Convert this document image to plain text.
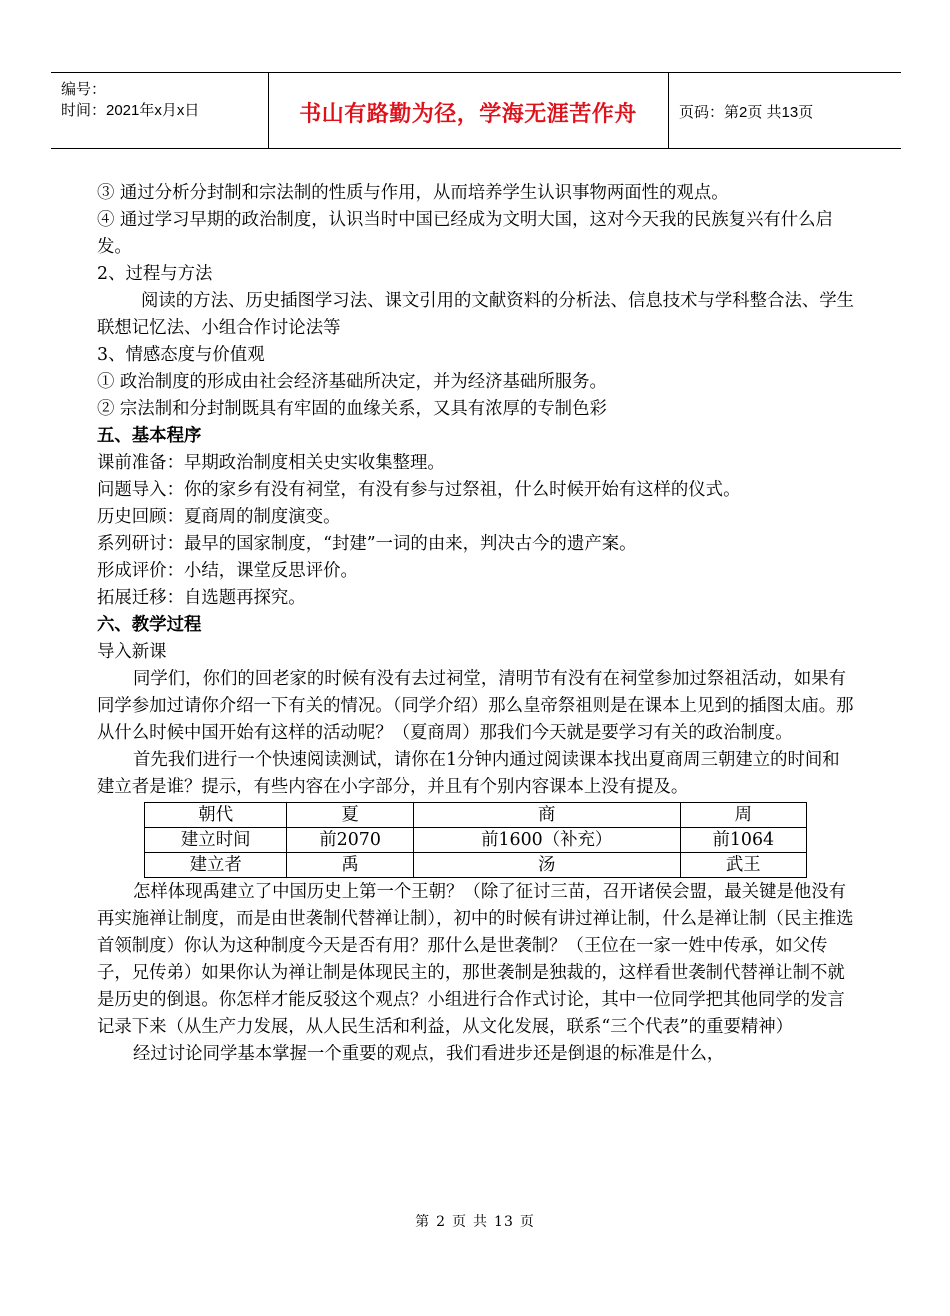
编号：
时间：2021年x月x日	书山有路勤为径，学海无涯苦作舟	页码：第2页 共13页

③ 通过分析分封制和宗法制的性质与作用，从而培养学生认识事物两面性的观点。

④ 通过学习早期的政治制度，认识当时中国已经成为文明大国，这对今天我的民族复兴有什么启发。

2、过程与方法

阅读的方法、历史插图学习法、课文引用的文献资料的分析法、信息技术与学科整合法、学生联想记忆法、小组合作讨论法等

3、情感态度与价值观

① 政治制度的形成由社会经济基础所决定，并为经济基础所服务。

② 宗法制和分封制既具有牢固的血缘关系，又具有浓厚的专制色彩

五、基本程序

课前准备：早期政治制度相关史实收集整理。

问题导入：你的家乡有没有祠堂，有没有参与过祭祖，什么时候开始有这样的仪式。

历史回顾：夏商周的制度演变。

系列研讨：最早的国家制度，“封建”一词的由来，判决古今的遗产案。

形成评价：小结，课堂反思评价。

拓展迁移：自选题再探究。

六、教学过程

导入新课

同学们，你们的回老家的时候有没有去过祠堂，清明节有没有在祠堂参加过祭祖活动，如果有同学参加过请你介绍一下有关的情况。（同学介绍）那么皇帝祭祖则是在课本上见到的插图太庙。那从什么时候中国开始有这样的活动呢？（夏商周）那我们今天就是要学习有关的政治制度。

首先我们进行一个快速阅读测试，请你在1分钟内通过阅读课本找出夏商周三朝建立的时间和建立者是谁？提示，有些内容在小字部分，并且有个别内容课本上没有提及。

朝代	夏	商	周
建立时间	前2070	前1600（补充）	前1064
建立者	禹	汤	武王

怎样体现禹建立了中国历史上第一个王朝？（除了征讨三苗，召开诸侯会盟，最关键是他没有再实施禅让制度，而是由世袭制代替禅让制），初中的时候有讲过禅让制，什么是禅让制（民主推选首领制度）你认为这种制度今天是否有用？那什么是世袭制？（王位在一家一姓中传承，如父传子，兄传弟）如果你认为禅让制是体现民主的，那世袭制是独裁的，这样看世袭制代替禅让制不就是历史的倒退。你怎样才能反驳这个观点？小组进行合作式讨论，其中一位同学把其他同学的发言记录下来（从生产力发展，从人民生活和利益，从文化发展，联系“三个代表”的重要精神）

经过讨论同学基本掌握一个重要的观点，我们看进步还是倒退的标准是什么，

第 2 页 共 13 页
